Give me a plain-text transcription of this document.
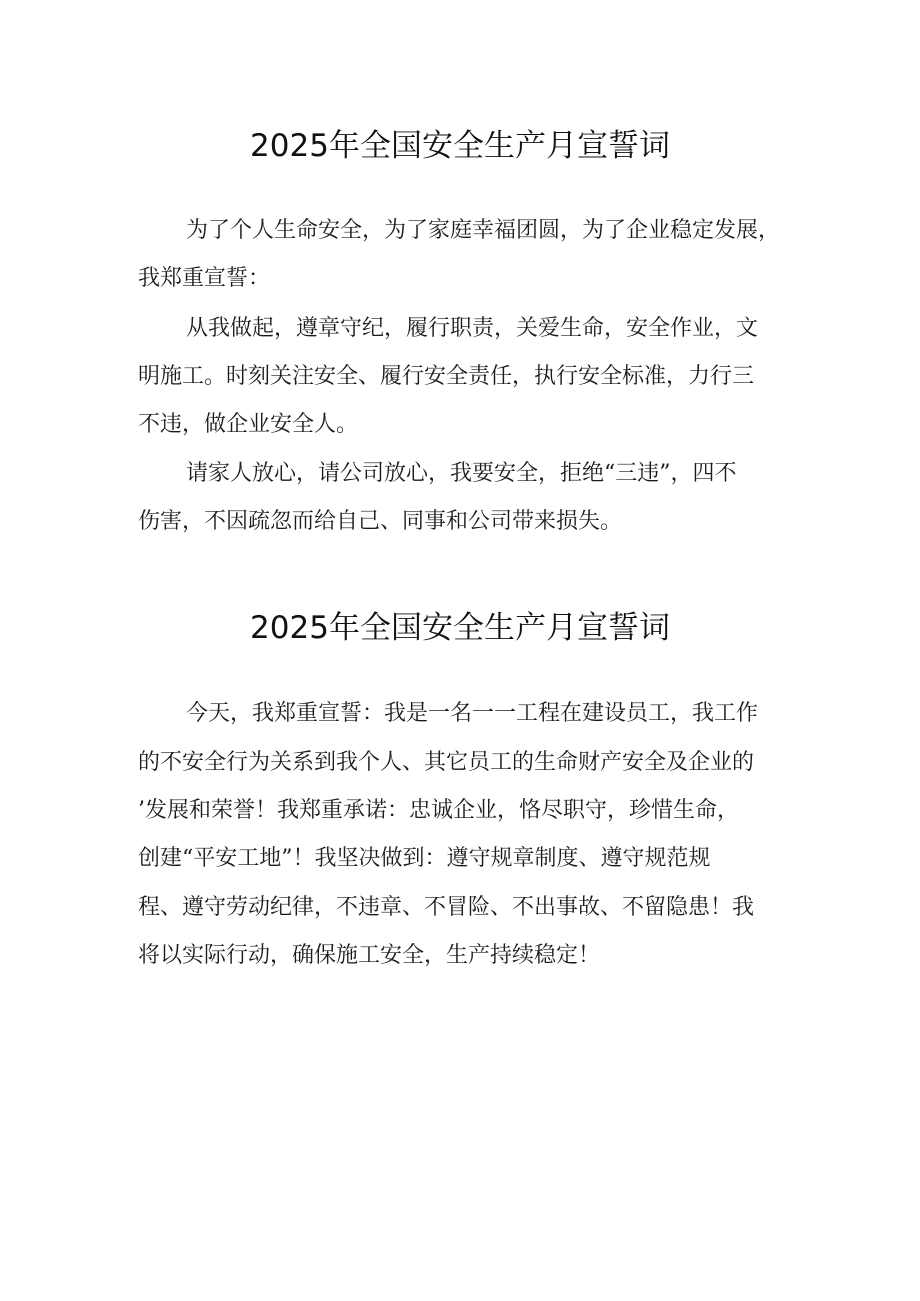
2025年全国安全生产月宣誓词
为了个人生命安全，为了家庭幸福团圆，为了企业稳定发展，
我郑重宣誓：
从我做起，遵章守纪，履行职责，关爱生命，安全作业，文
明施工。时刻关注安全、履行安全责任，执行安全标准，力行三
不违，做企业安全人。
请家人放心，请公司放心，我要安全，拒绝“三违”，四不
伤害，不因疏忽而给自己、同事和公司带来损失。
2025年全国安全生产月宣誓词
今天，我郑重宣誓：我是一名一一工程在建设员工，我工作
的不安全行为关系到我个人、其它员工的生命财产安全及企业的
’发展和荣誉！我郑重承诺：忠诚企业，恪尽职守，珍惜生命，
创建“平安工地”！我坚决做到：遵守规章制度、遵守规范规
程、遵守劳动纪律，不违章、不冒险、不出事故、不留隐患！我
将以实际行动，确保施工安全，生产持续稳定！
